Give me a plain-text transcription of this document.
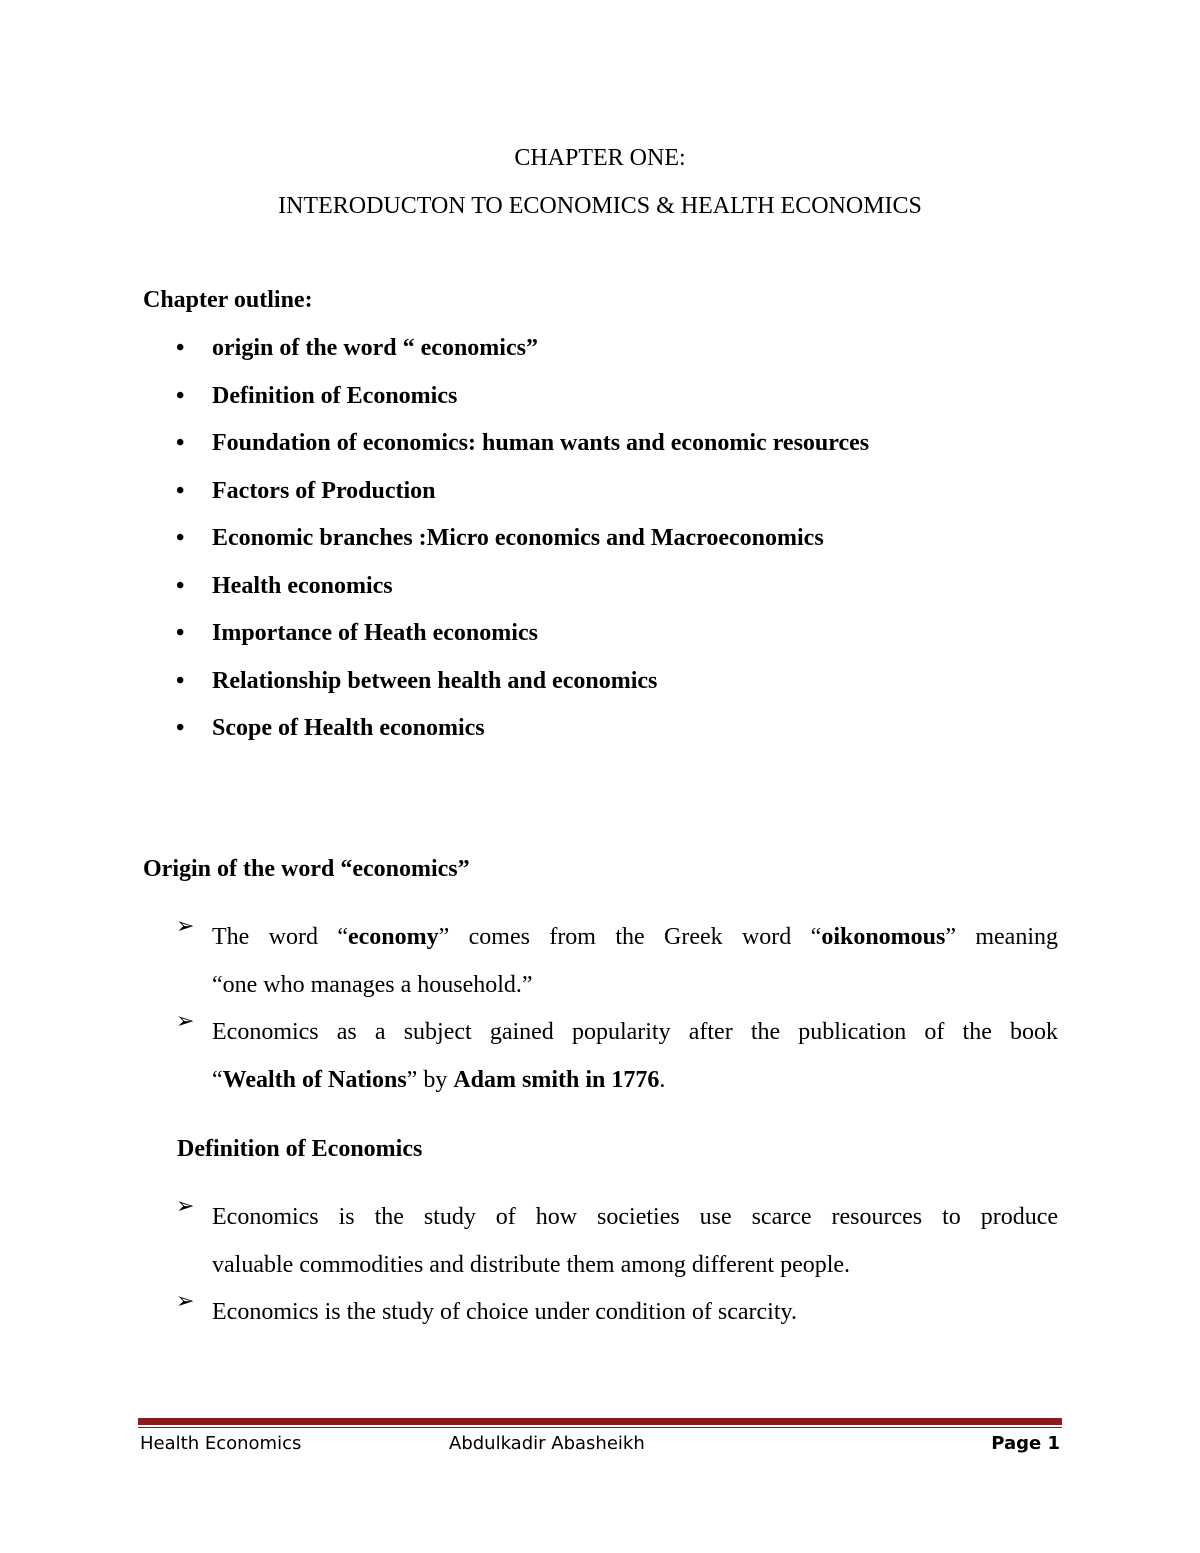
CHAPTER ONE:
INTERODUCTON TO ECONOMICS & HEALTH ECONOMICS
Chapter outline:
• origin of the word “ economics”
• Definition of Economics
• Foundation of economics: human wants and economic resources
• Factors of Production
• Economic branches :Micro economics and Macroeconomics
• Health economics
• Importance of Heath economics
• Relationship between health and economics
• Scope of Health economics
Origin of the word “economics”
➢ The word “economy” comes from the Greek word “oikonomous” meaning
“one who manages a household.”
➢ Economics as a subject gained popularity after the publication of the book
“Wealth of Nations” by Adam smith in 1776.
Definition of Economics
➢ Economics is the study of how societies use scarce resources to produce
valuable commodities and distribute them among different people.
➢ Economics is the study of choice under condition of scarcity.
Health Economics	Abdulkadir Abasheikh	Page 1
